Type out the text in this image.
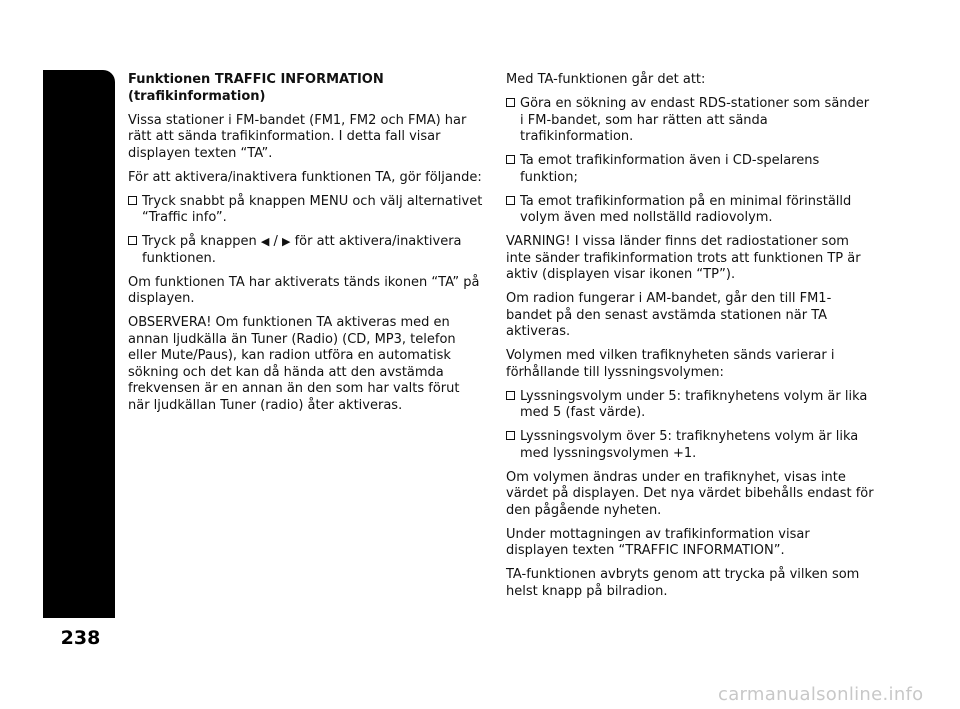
BILRADIO
238

Funktionen TRAFFIC INFORMATION (trafikinformation)

Vissa stationer i FM-bandet (FM1, FM2 och FMA) har rätt att sända trafikinformation. I detta fall visar displayen texten “TA”.

För att aktivera/inaktivera funktionen TA, gör följande:

Tryck snabbt på knappen MENU och välj alternativet “Traffic info”.

Tryck på knappen ◀ / ▶ för att aktivera/inaktivera funktionen.

Om funktionen TA har aktiverats tänds ikonen “TA” på displayen.

OBSERVERA! Om funktionen TA aktiveras med en annan ljudkälla än Tuner (Radio) (CD, MP3, telefon eller Mute/Paus), kan radion utföra en automatisk sökning och det kan då hända att den avstämda frekvensen är en annan än den som har valts förut när ljudkällan Tuner (radio) åter aktiveras.

Med TA-funktionen går det att:

Göra en sökning av endast RDS-stationer som sänder i FM-bandet, som har rätten att sända trafikinformation.

Ta emot trafikinformation även i CD-spelarens funktion;

Ta emot trafikinformation på en minimal förinställd volym även med nollställd radiovolym.

VARNING! I vissa länder finns det radiostationer som inte sänder trafikinformation trots att funktionen TP är aktiv (displayen visar ikonen “TP”).

Om radion fungerar i AM-bandet, går den till FM1-bandet på den senast avstämda stationen när TA aktiveras.

Volymen med vilken trafiknyheten sänds varierar i förhållande till lyssningsvolymen:

Lyssningsvolym under 5: trafiknyhetens volym är lika med 5 (fast värde).

Lyssningsvolym över 5: trafiknyhetens volym är lika med lyssningsvolymen +1.

Om volymen ändras under en trafiknyhet, visas inte värdet på displayen. Det nya värdet bibehålls endast för den pågående nyheten.

Under mottagningen av trafikinformation visar displayen texten “TRAFFIC INFORMATION”.

TA-funktionen avbryts genom att trycka på vilken som helst knapp på bilradion.

carmanualsonline.info
